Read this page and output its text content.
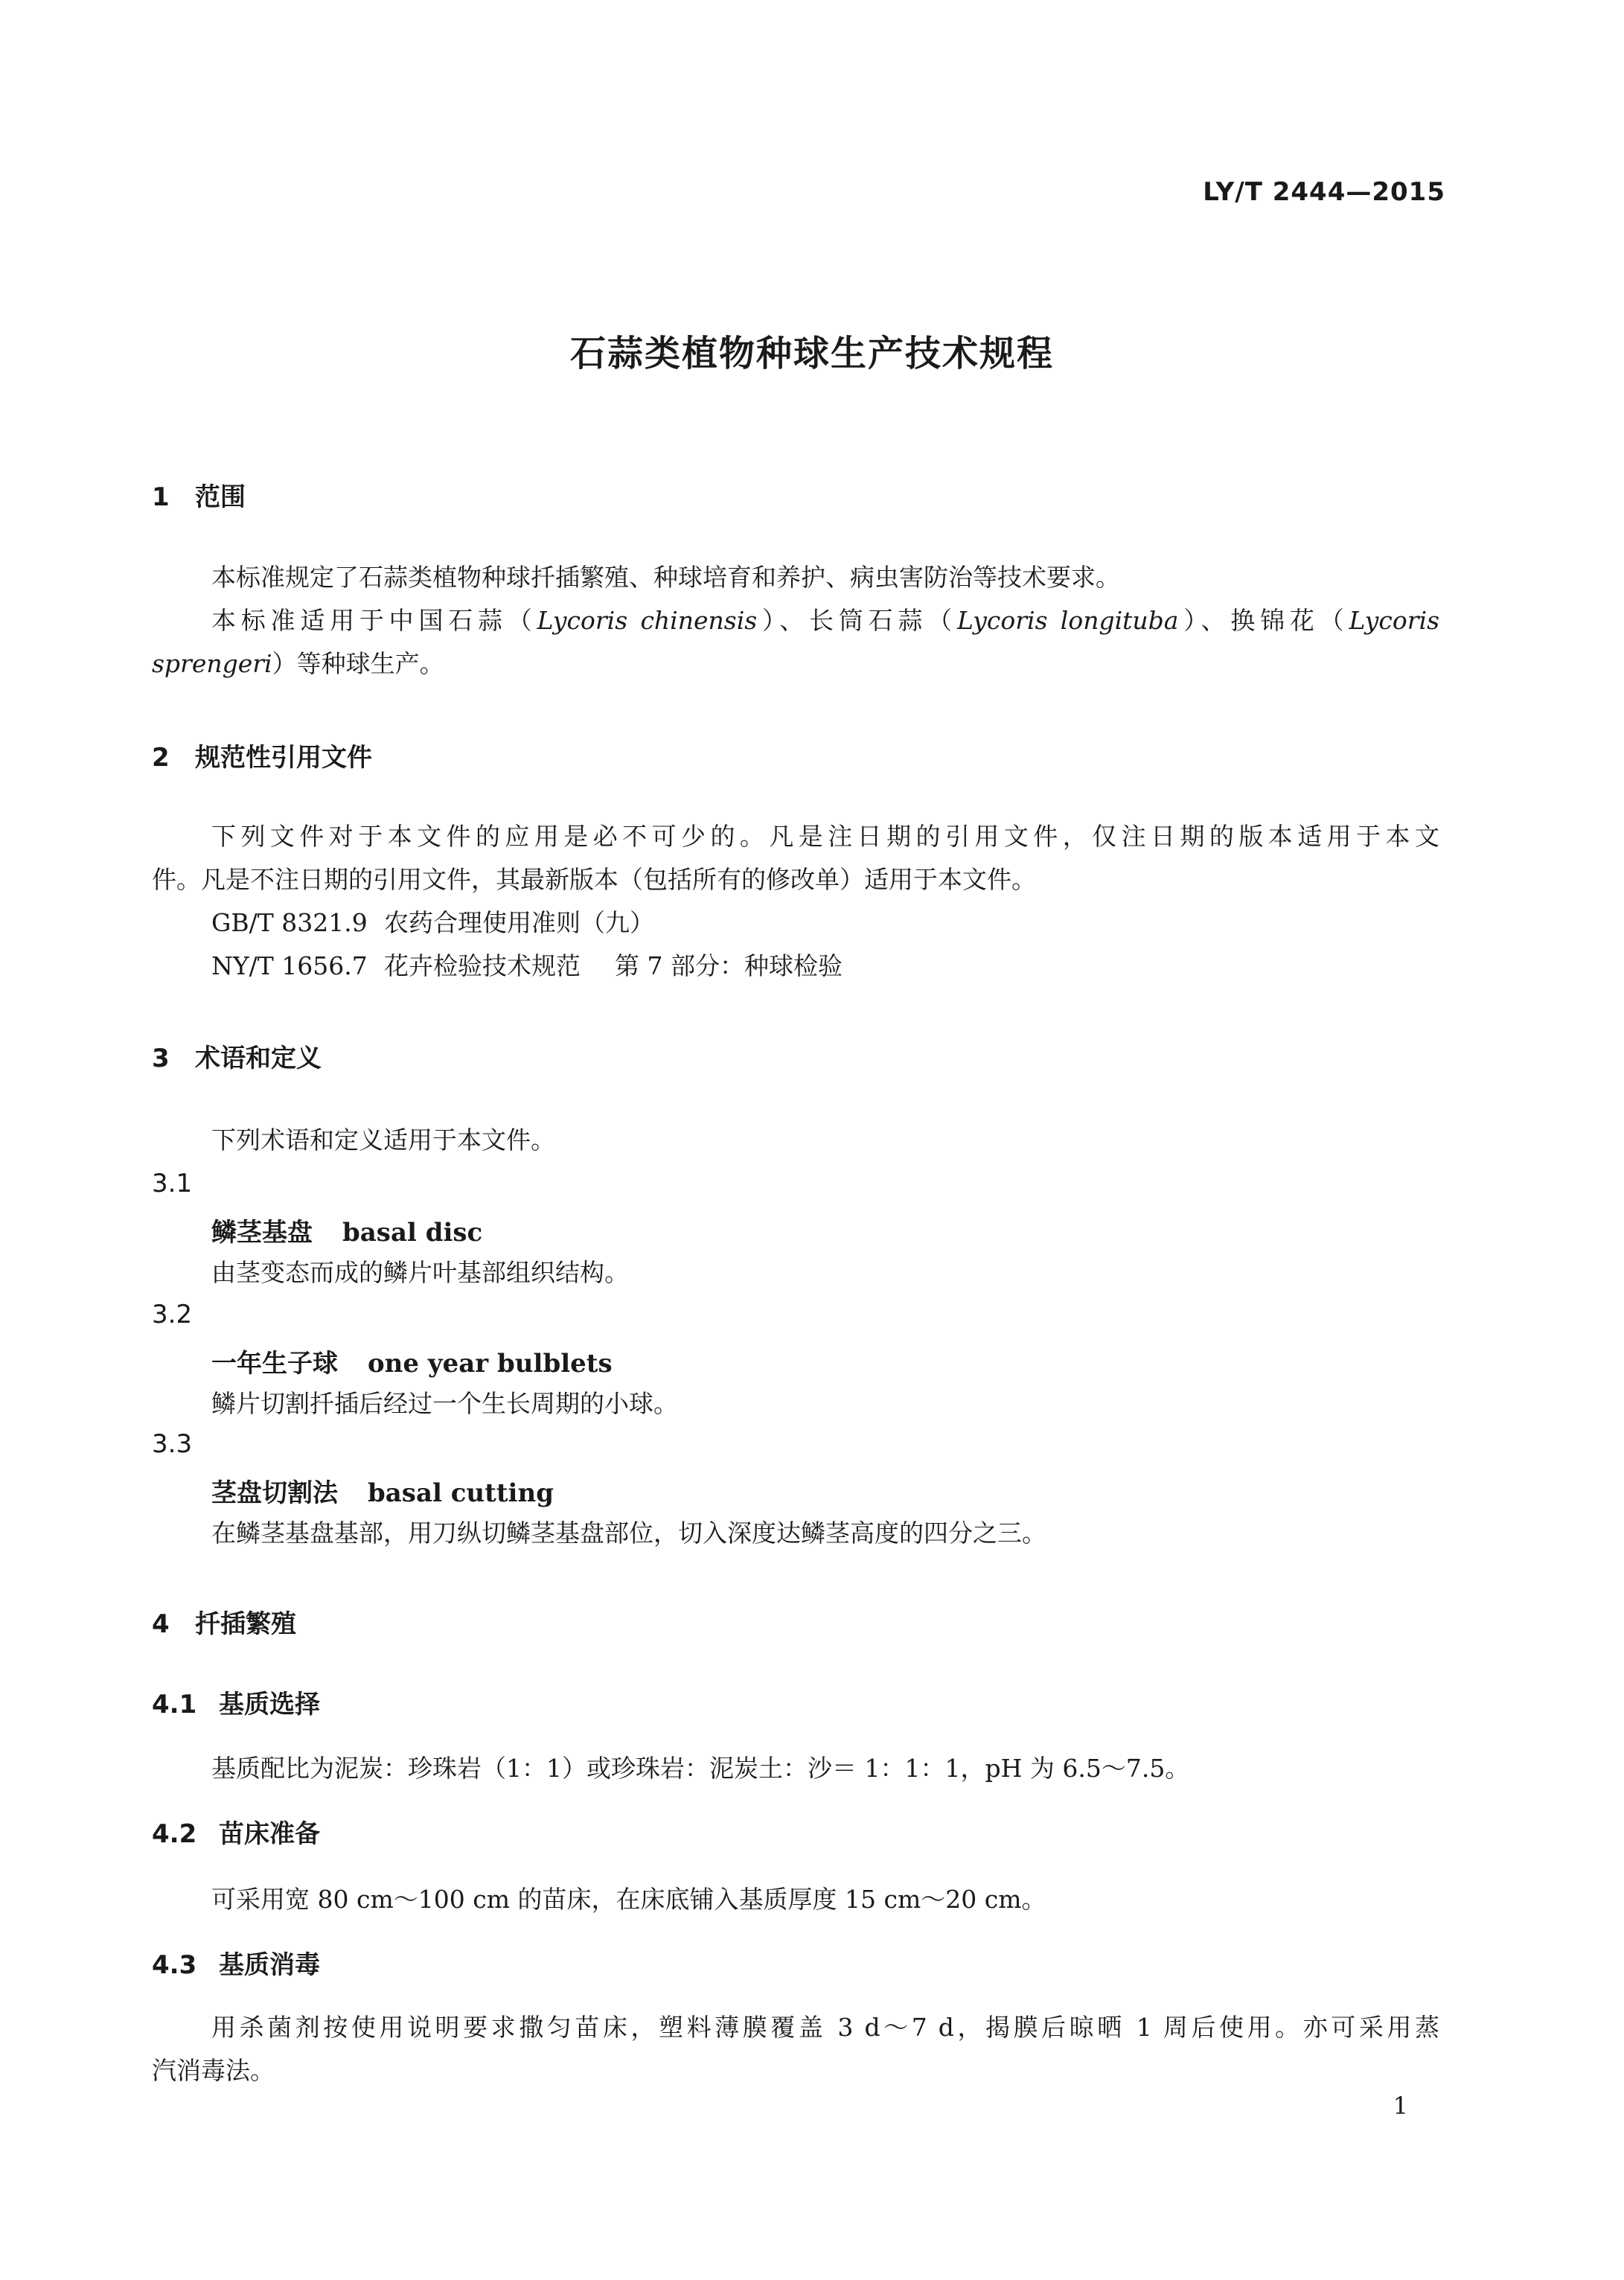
LY/T 2444—2015
石蒜类植物种球生产技术规程
1 范围
本标准规定了石蒜类植物种球扦插繁殖、种球培育和养护、病虫害防治等技术要求。
本标准适用于中国石蒜（Lycoris chinensis）、长筒石蒜（Lycoris longituba）、换锦花（Lycoris
sprengeri）等种球生产。
2 规范性引用文件
下列文件对于本文件的应用是必不可少的。凡是注日期的引用文件，仅注日期的版本适用于本文
件。凡是不注日期的引用文件，其最新版本（包括所有的修改单）适用于本文件。
GB/T 8321.9 农药合理使用准则（九）
NY/T 1656.7 花卉检验技术规范 第 7 部分：种球检验
3 术语和定义
下列术语和定义适用于本文件。
3.1
鳞茎基盘 basal disc
由茎变态而成的鳞片叶基部组织结构。
3.2
一年生子球 one year bulblets
鳞片切割扦插后经过一个生长周期的小球。
3.3
茎盘切割法 basal cutting
在鳞茎基盘基部，用刀纵切鳞茎基盘部位，切入深度达鳞茎高度的四分之三。
4 扦插繁殖
4.1 基质选择
基质配比为泥炭：珍珠岩（1：1）或珍珠岩：泥炭土：沙＝ 1：1：1，pH 为 6.5～7.5。
4.2 苗床准备
可采用宽 80 cm～100 cm 的苗床，在床底铺入基质厚度 15 cm～20 cm。
4.3 基质消毒
用杀菌剂按使用说明要求撒匀苗床，塑料薄膜覆盖 3 d～7 d，揭膜后晾晒 1 周后使用。亦可采用蒸
汽消毒法。
1
